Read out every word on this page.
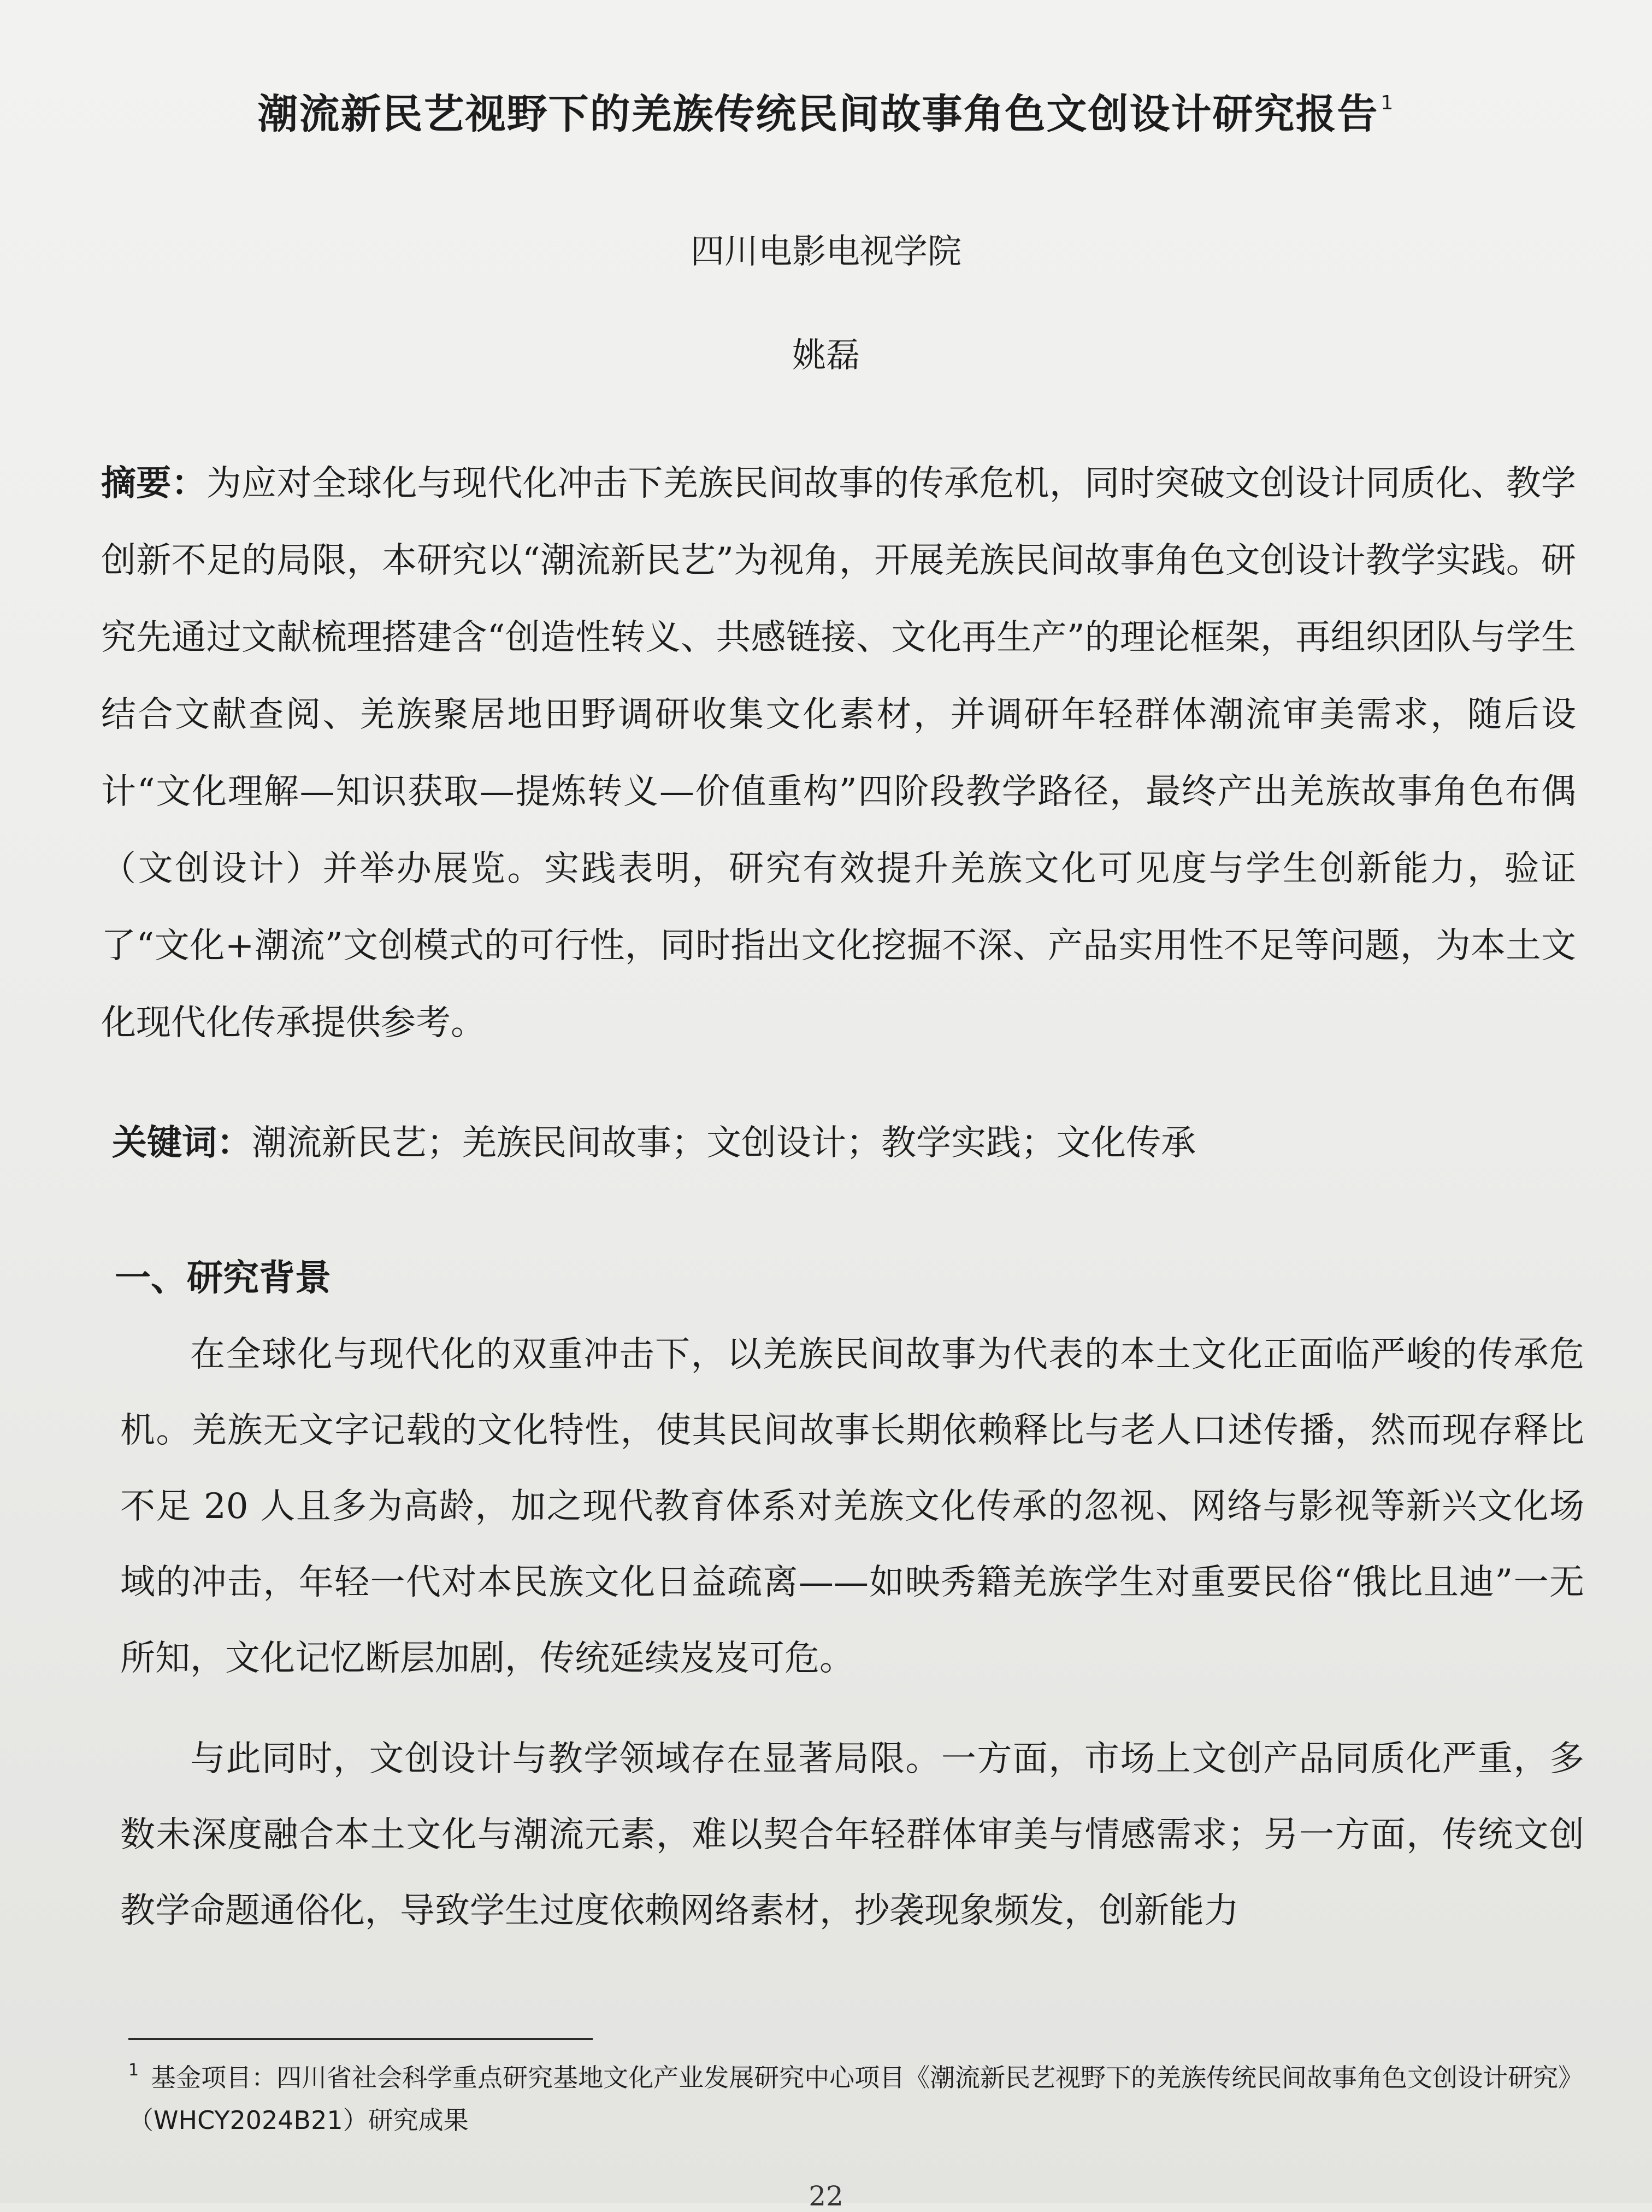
潮流新民艺视野下的羌族传统民间故事角色文创设计研究报告 $^1$
四川电影电视学院
姚磊
摘要：为应对全球化与现代化冲击下羌族民间故事的传承危机，同时突破文创设计同质化、教学创新不足的局限，本研究以“潮流新民艺”为视角，开展羌族民间故事角色文创设计教学实践。研究先通过文献梳理搭建含“创造性转义、共感链接、文化再生产”的理论框架，再组织团队与学生结合文献查阅、羌族聚居地田野调研收集文化素材，并调研年轻群体潮流审美需求，随后设计“文化理解—知识获取—提炼转义—价值重构”四阶段教学路径，最终产出羌族故事角色布偶（文创设计）并举办展览。实践表明，研究有效提升羌族文化可见度与学生创新能力，验证了“文化+潮流”文创模式的可行性，同时指出文化挖掘不深、产品实用性不足等问题，为本土文化现代化传承提供参考。
关键词：潮流新民艺；羌族民间故事；文创设计；教学实践；文化传承
一、研究背景
在全球化与现代化的双重冲击下，以羌族民间故事为代表的本土文化正面临严峻的传承危机。羌族无文字记载的文化特性，使其民间故事长期依赖释比与老人口述传播，然而现存释比不足 20 人且多为高龄，加之现代教育体系对羌族文化传承的忽视、网络与影视等新兴文化场域的冲击，年轻一代对本民族文化日益疏离——如映秀籍羌族学生对重要民俗“俄比且迪”一无所知，文化记忆断层加剧，传统延续岌岌可危。
与此同时，文创设计与教学领域存在显著局限。一方面，市场上文创产品同质化严重，多数未深度融合本土文化与潮流元素，难以契合年轻群体审美与情感需求；另一方面，传统文创教学命题通俗化，导致学生过度依赖网络素材，抄袭现象频发，创新能力
$^1$ 基金项目：四川省社会科学重点研究基地文化产业发展研究中心项目《潮流新民艺视野下的羌族传统民间故事角色文创设计研究》（WHCY2024B21）研究成果
22
